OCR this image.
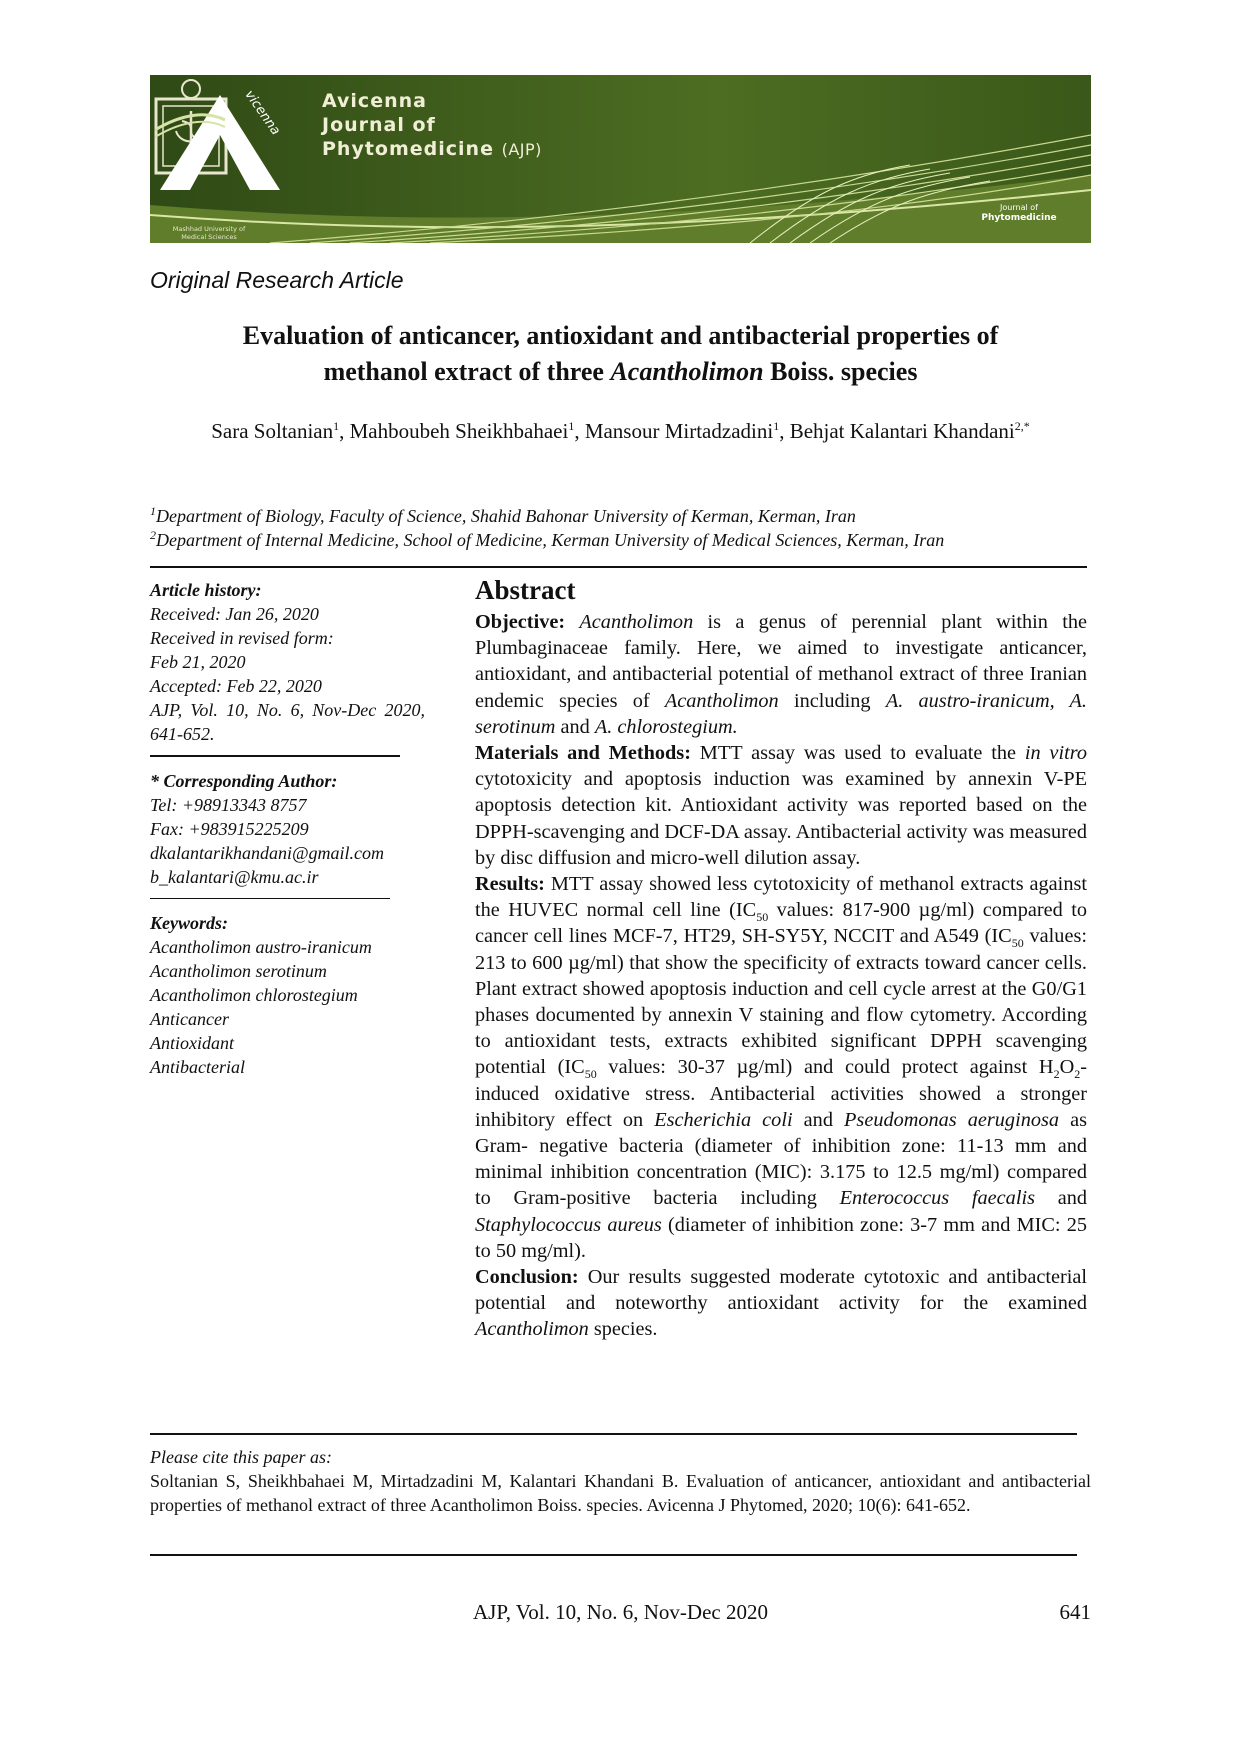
Mashhad University of Medical Sciences
Avicenna
Journal of
Phytomedicine (AJP)
vicenna
Journal of
Phytomedicine
Original Research Article
Evaluation of anticancer, antioxidant and antibacterial properties of
methanol extract of three Acantholimon Boiss. species
Sara Soltanian$^1$, Mahboubeh Sheikhbahaei$^1$, Mansour Mirtadzadini$^1$, Behjat Kalantari Khandani$^{2,*}$
$^1$Department of Biology, Faculty of Science, Shahid Bahonar University of Kerman, Kerman, Iran
$^2$Department of Internal Medicine, School of Medicine, Kerman University of Medical Sciences, Kerman, Iran

Article history:

Received: Jan 26, 2020

Received in revised form:

Feb 21, 2020

Accepted: Feb 22, 2020

AJP, Vol. 10, No. 6, Nov-Dec 2020, 641-652.

* Corresponding Author:

Tel: +98913343 8757

Fax: +983915225209

dkalantarikhandani@gmail.com

b_kalantari@kmu.ac.ir

Keywords:

Acantholimon austro-iranicum

Acantholimon serotinum

Acantholimon chlorostegium

Anticancer

Antioxidant

Antibacterial

Abstract

Objective: Acantholimon is a genus of perennial plant within the Plumbaginaceae family. Here, we aimed to investigate anticancer, antioxidant, and antibacterial potential of methanol extract of three Iranian endemic species of Acantholimon including A. austro-iranicum, A. serotinum and A. chlorostegium.

Materials and Methods: MTT assay was used to evaluate the in vitro cytotoxicity and apoptosis induction was examined by annexin V-PE apoptosis detection kit. Antioxidant activity was reported based on the DPPH-scavenging and DCF-DA assay. Antibacterial activity was measured by disc diffusion and micro-well dilution assay.

Results: MTT assay showed less cytotoxicity of methanol extracts against the HUVEC normal cell line ($IC_{50}$ values: 817-900 µg/ml) compared to cancer cell lines MCF-7, HT29, SH-SY5Y, NCCIT and A549 ($IC_{50}$ values: 213 to 600 µg/ml) that show the specificity of extracts toward cancer cells. Plant extract showed apoptosis induction and cell cycle arrest at the G0/G1 phases documented by annexin V staining and flow cytometry. According to antioxidant tests, extracts exhibited significant DPPH scavenging potential ($IC_{50}$ values: 30-37 µg/ml) and could protect against $H_2O_2$-induced oxidative stress. Antibacterial activities showed a stronger inhibitory effect on Escherichia coli and Pseudomonas aeruginosa as Gram- negative bacteria (diameter of inhibition zone: 11-13 mm and minimal inhibition concentration (MIC): 3.175 to 12.5 mg/ml) compared to Gram-positive bacteria including Enterococcus faecalis and Staphylococcus aureus (diameter of inhibition zone: 3-7 mm and MIC: 25 to 50 mg/ml).

Conclusion: Our results suggested moderate cytotoxic and antibacterial potential and noteworthy antioxidant activity for the examined Acantholimon species.

Please cite this paper as:
Soltanian S, Sheikhbahaei M, Mirtadzadini M, Kalantari Khandani B. Evaluation of anticancer, antioxidant and antibacterial properties of methanol extract of three Acantholimon Boiss. species. Avicenna J Phytomed, 2020; 10(6): 641-652.
AJP, Vol. 10, No. 6, Nov-Dec 2020	641
